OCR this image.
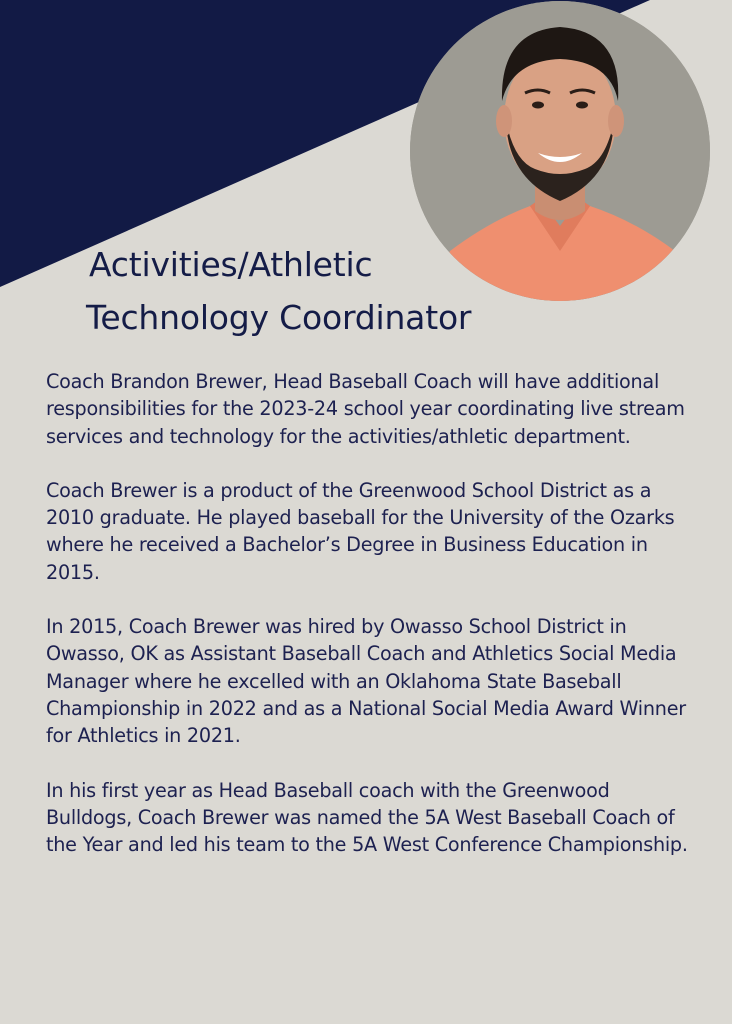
Activities/Athletic
Technology Coordinator

Coach Brandon Brewer, Head Baseball Coach will have additional responsibilities for the 2023-24 school year coordinating live stream services and technology for the activities/athletic department.

Coach Brewer is a product of the Greenwood School District as a 2010 graduate. He played baseball for the University of the Ozarks where he received a Bachelor’s Degree in Business Education in 2015.

In 2015, Coach Brewer was hired by Owasso School District in Owasso, OK as Assistant Baseball Coach and Athletics Social Media Manager where he excelled with an Oklahoma State Baseball Championship in 2022 and as a National Social Media Award Winner for Athletics in 2021.

In his first year as Head Baseball coach with the Greenwood Bulldogs, Coach Brewer was named the 5A West Baseball Coach of the Year and led his team to the 5A West Conference Championship.
